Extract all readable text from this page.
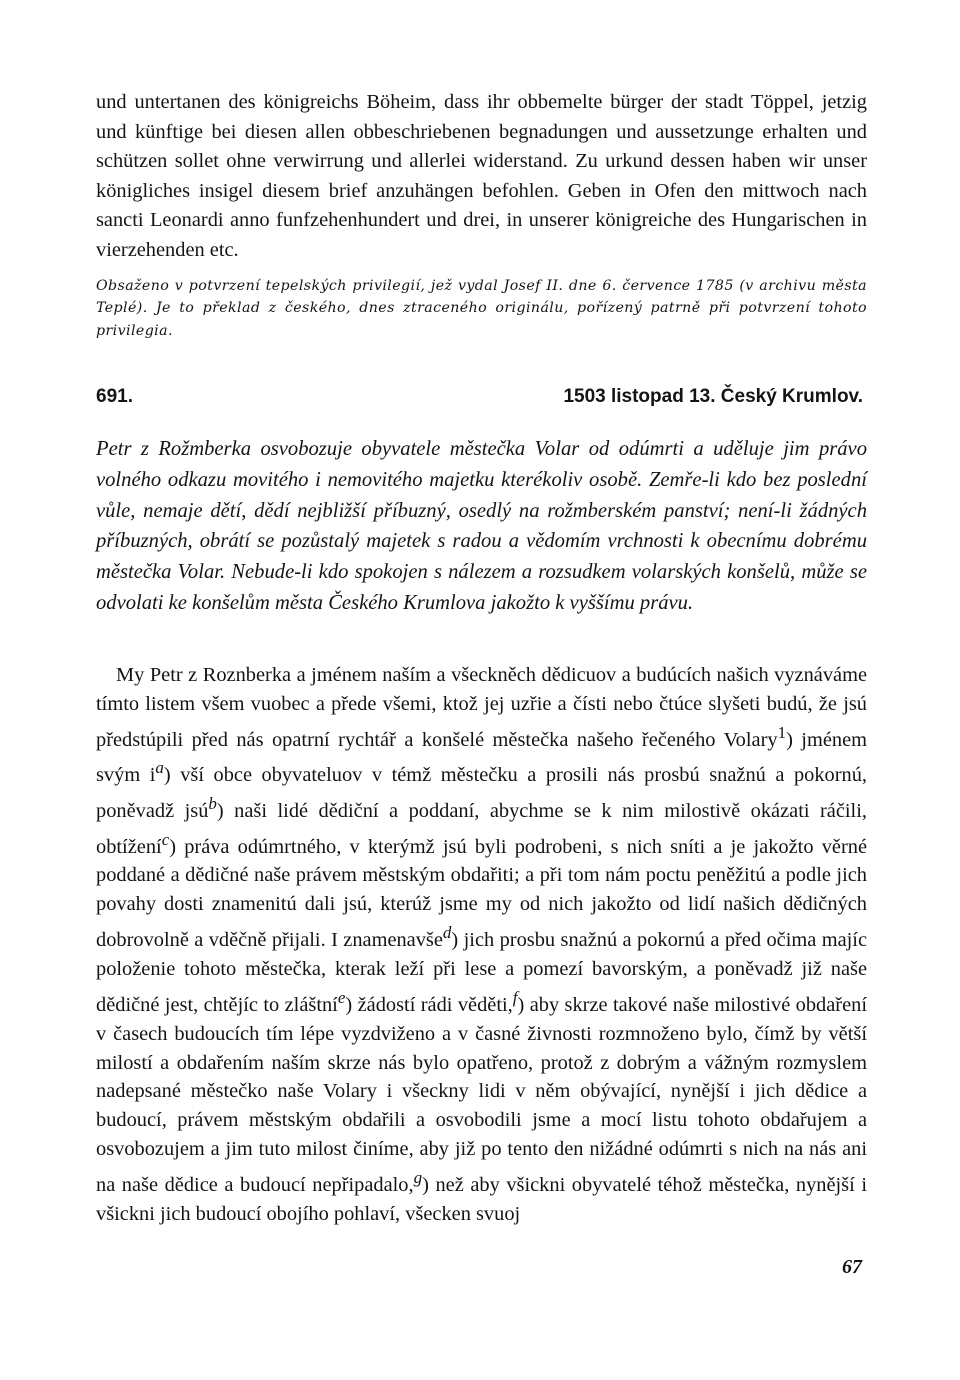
und untertanen des königreichs Böheim, dass ihr obbemelte bürger der stadt Töppel, jetzig und künftige bei diesen allen obbeschriebenen begnadungen und aussetzunge erhalten und schützen sollet ohne verwirrung und allerlei widerstand. Zu urkund dessen haben wir unser königliches insigel diesem brief anzuhängen befohlen. Geben in Ofen den mittwoch nach sancti Leonardi anno funfzehenhundert und drei, in unserer königreiche des Hungarischen in vierzehenden etc.

Obsaženo v potvrzení tepelských privilegií, jež vydal Josef II. dne 6. července 1785 (v archivu města Teplé). Je to překlad z českého, dnes ztraceného originálu, pořízený patrně při potvrzení tohoto privilegia.

691.	1503 listopad 13. Český Krumlov.

Petr z Rožmberka osvobozuje obyvatele městečka Volar od odúmrti a uděluje jim právo volného odkazu movitého i nemovitého majetku kterékoliv osobě. Zemře-li kdo bez poslední vůle, nemaje dětí, dědí nejbližší příbuzný, osedlý na rožmberském panství; není-li žádných příbuzných, obrátí se pozůstalý majetek s radou a vědomím vrchnosti k obecnímu dobrému městečka Volar. Nebude-li kdo spokojen s nálezem a rozsudkem volarských konšelů, může se odvolati ke konšelům města Českého Krumlova jakožto k vyššímu právu.

My Petr z Roznberka a jménem naším a všeckněch dědicuov a budúcích našich vyznáváme tímto listem všem vuobec a přede všemi, ktož jej uzřie a čísti nebo čtúce slyšeti budú, že jsú předstúpili před nás opatrní rychtář a konšelé městečka našeho řečeného Volary$^1$) jménem svým $i^a$) vší obce obyvateluov v témž městečku a prosili nás prosbú snažnú a pokornú, poněvadž jsú$^b$) naši lidé dědiční a poddaní, abychme se k nim milostivě okázati ráčili, obtížení$^c$) práva odúmrtného, v kterýmž jsú byli podrobeni, s nich sníti a je jakožto věrné poddané a dědičné naše právem městským obdařiti; a při tom nám poctu peněžitú a podle jich povahy dosti znamenitú dali jsú, kterúž jsme my od nich jakožto od lidí našich dědičných dobrovolně a vděčně přijali. I znamenavše$^d$) jich prosbu snažnú a pokornú a před očima majíc položenie tohoto městečka, kterak leží při lese a pomezí bavorským, a poněvadž již naše dědičné jest, chtějíc to zláštní$^e$) žádostí rádi věděti,$^f$) aby skrze takové naše milostivé obdaření v časech budoucích tím lépe vyzdviženo a v časné živnosti rozmnoženo bylo, čímž by větší milostí a obdařením naším skrze nás bylo opatřeno, protož z dobrým a vážným rozmyslem nadepsané městečko naše Volary i všeckny lidi v něm obývající, nynější i jich dědice a budoucí, právem městským obdařili a osvobodili jsme a mocí listu tohoto obdařujem a osvobozujem a jim tuto milost činíme, aby již po tento den nižádné odúmrti s nich na nás ani na naše dědice a budoucí nepřipadalo,$^g$) než aby všickni obyvatelé téhož městečka, nynější i všickni jich budoucí obojího pohlaví, všecken svuoj

67
